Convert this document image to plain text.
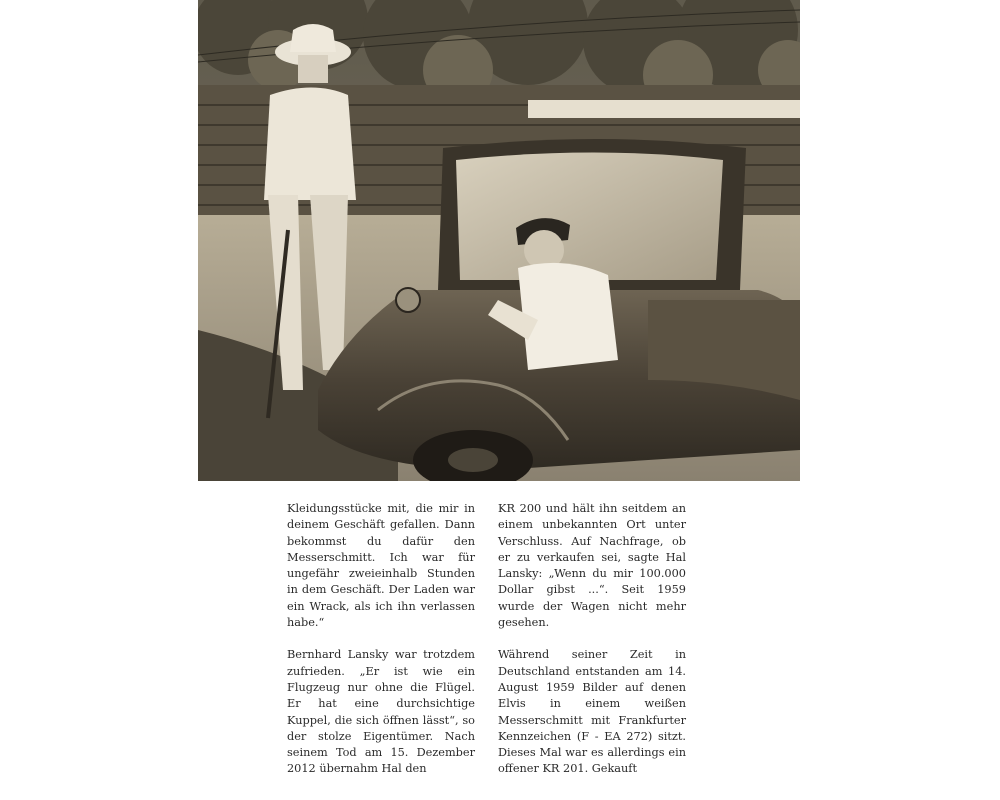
Kleidungsstücke mit, die mir in deinem Geschäft gefallen. Dann bekommst du dafür den Messerschmitt. Ich war für ungefähr zweieinhalb Stunden in dem Geschäft. Der Laden war ein Wrack, als ich ihn verlassen habe.“

Bernhard Lansky war trotzdem zufrieden. „Er ist wie ein Flugzeug nur ohne die Flügel. Er hat eine durchsichtige Kuppel, die sich öffnen lässt“, so der stolze Eigentümer. Nach seinem Tod am 15. Dezember 2012 übernahm Hal den

KR 200 und hält ihn seitdem an einem unbekannten Ort unter Verschluss. Auf Nachfrage, ob er zu verkaufen sei, sagte Hal Lansky: „Wenn du mir 100.000 Dollar gibst ...“. Seit 1959 wurde der Wagen nicht mehr gesehen.

Während seiner Zeit in Deutschland entstanden am 14. August 1959 Bilder auf denen Elvis in einem weißen Messerschmitt mit Frankfurter Kennzeichen (F - EA 272) sitzt. Dieses Mal war es allerdings ein offener KR 201. Gekauft
